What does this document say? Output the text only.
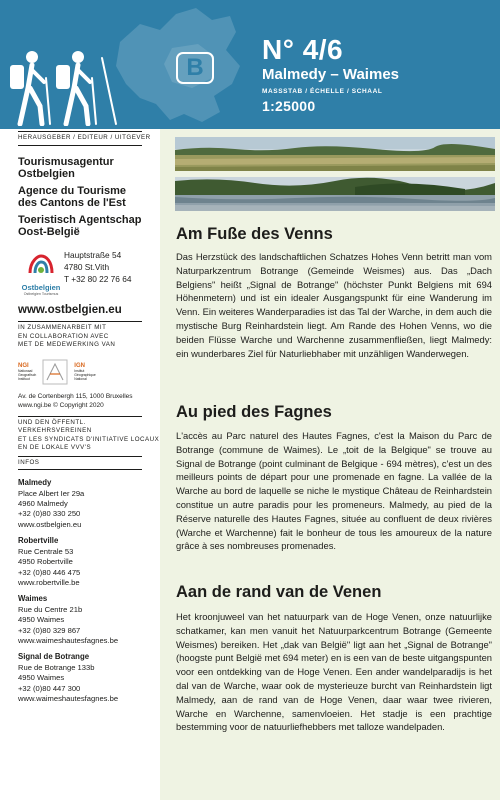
B
N° 4/6
Malmedy – Waimes
MASSSTAB / ÉCHELLE / SCHAAL
1:25000
HERAUSGEBER / EDITEUR / UITGEVER
Tourismusagentur
Ostbelgien
Agence du Tourisme
des Cantons de l'Est
Toeristisch Agentschap
Oost-België
Ostbelgien
Ostbelgien Tourismus
Hauptstraße 54
4780 St.Vith
T +32 80 22 76 64
www.ostbelgien.eu
IN ZUSAMMENARBEIT MIT
EN COLLABORATION AVEC
MET DE MEDEWERKING VAN
NGI
Nationaal
Geografisch
Instituut
IGN
Institut
Géographique
National
Av. de Cortenbergh 115, 1000 Bruxelles
www.ngi.be © Copyright 2020
UND DEN ÖFFENTL. VERKEHRSVEREINEN
ET LES SYNDICATS D'INITIATIVE LOCAUX
EN DE LOKALE VVV'S
INFOS
Malmedy
Place Albert Ier 29a
4960 Malmedy
+32 (0)80 330 250
www.ostbelgien.eu
Robertville
Rue Centrale 53
4950 Robertville
+32 (0)80 446 475
www.robertville.be
Waimes
Rue du Centre 21b
4950 Waimes
+32 (0)80 329 867
www.waimeshautesfagnes.be
Signal de Botrange
Rue de Botrange 133b
4950 Waimes
+32 (0)80 447 300
www.waimeshautesfagnes.be
Am Fuße des Venns
Das Herzstück des landschaftlichen Schatzes Hohes Venn betritt man vom Naturparkzentrum Botrange (Gemeinde Weismes) aus. Das „Dach Belgiens" heißt „Signal de Botrange" (höchster Punkt Belgiens mit 694 Höhenmetern) und ist ein idealer Ausgangspunkt für eine Wanderung im Venn. Ein weiteres Wanderparadies ist das Tal der Warche, in dem auch die mystische Burg Reinhardstein liegt. Am Rande des Hohen Venns, wo die beiden Flüsse Warche und Warchenne zusammenfließen, liegt Malmedy: ein wunderbares Ziel für Naturliebhaber mit unzähligen Wanderwegen.
Au pied des Fagnes
L'accès au Parc naturel des Hautes Fagnes, c'est la Maison du Parc de Botrange (commune de Waimes). Le „toit de la Belgique" se trouve au Signal de Botrange (point culminant de Belgique - 694 mètres), c'est un des meilleurs points de départ pour une promenade en fagne. La vallée de la Warche au bord de laquelle se niche le mystique Château de Reinhardstein constitue un autre paradis pour les promeneurs. Malmedy, au pied de la Réserve naturelle des Hautes Fagnes, située au confluent de deux rivières (Warche et Warchenne) fait le bonheur de tous les amoureux de la nature grâce à ses nombreuses promenades.
Aan de rand van de Venen
Het kroonjuweel van het natuurpark van de Hoge Venen, onze natuurlijke schatkamer, kan men vanuit het Natuurparkcentrum Botrange (Gemeente Weismes) bereiken. Het „dak van België" ligt aan het „Signal de Botrange" (hoogste punt België met 694 meter) en is een van de beste uitgangspunten voor een ontdekking van de Hoge Venen. Een ander wandelparadijs is het dal van de Warche, waar ook de mysterieuze burcht van Reinhardstein ligt Malmedy, aan de rand van de Hoge Venen, daar waar twee rivieren, Warche en Warchenne, samenvloeien. Het stadje is een prachtige bestemming voor de natuurliefhebbers met talloze wandelpaden.
